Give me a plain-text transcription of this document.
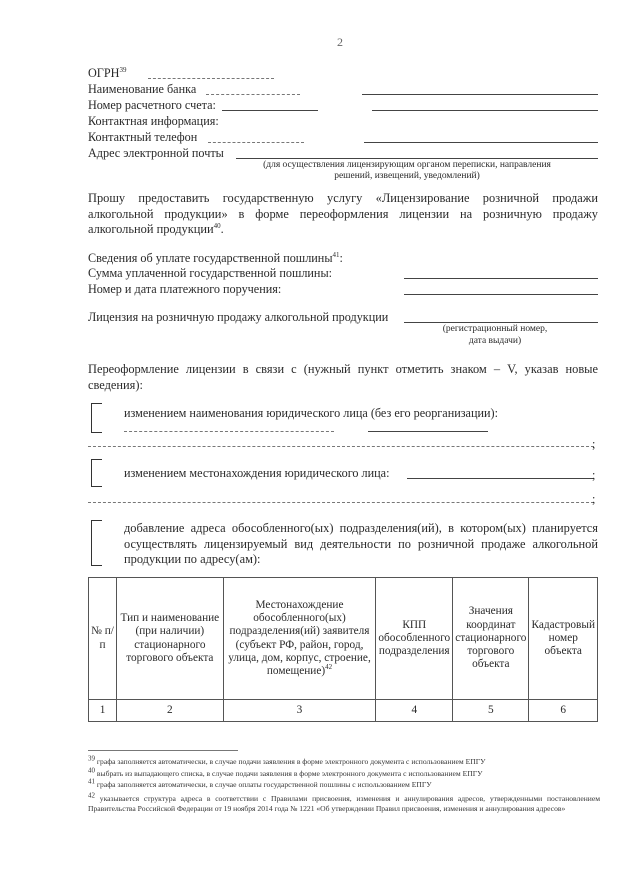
2
ОГРН$^{39}$
Наименование банка
Номер расчетного счета:
Контактная информация:
Контактный телефон
Адрес электронной почты
(для осуществления лицензирующим органом переписки, направления решений, извещений, уведомлений)
Прошу предоставить государственную услугу «Лицензирование розничной продажи алкогольной продукции» в форме переоформления лицензии на розничную продажу алкогольной продукции$^{40}$.
Сведения об уплате государственной пошлины$^{41}$:
Сумма уплаченной государственной пошлины:
Номер и дата платежного поручения:
Лицензия на розничную продажу алкогольной продукции
(регистрационный номер,
дата выдачи)
Переоформление лицензии в связи с (нужный пункт отметить знаком – V, указав новые сведения):
изменением наименования юридического лица (без его реорганизации):
;
изменением местонахождения юридического лица:	;
;
добавление адреса обособленного(ых) подразделения(ий), в котором(ых) планируется осуществлять лицензируемый вид деятельности по розничной продаже алкогольной продукции по адресу(ам):
№ п/п	Тип и наименование (при наличии) стационарного торгового объекта	Местонахождение обособленного(ых) подразделения(ий) заявителя (субъект РФ, район, город, улица, дом, корпус, строение, помещение)$^{42}$	КПП обособленного подразделения	Значения координат стационарного торгового объекта	Кадастровый номер объекта
1	2	3	4	5	6
$^{39}$ графа заполняется автоматически, в случае подачи заявления в форме электронного документа с использованием ЕПГУ
$^{40}$ выбрать из выпадающего списка, в случае подачи заявления в форме электронного документа с использованием ЕПГУ
$^{41}$ графа заполняется автоматически, в случае оплаты государственной пошлины с использованием ЕПГУ
$^{42}$ указывается структура адреса в соответствии с Правилами присвоения, изменения и аннулирования адресов, утвержденными постановлением Правительства Российской Федерации от 19 ноября 2014 года № 1221 «Об утверждении Правил присвоения, изменения и аннулирования адресов»
